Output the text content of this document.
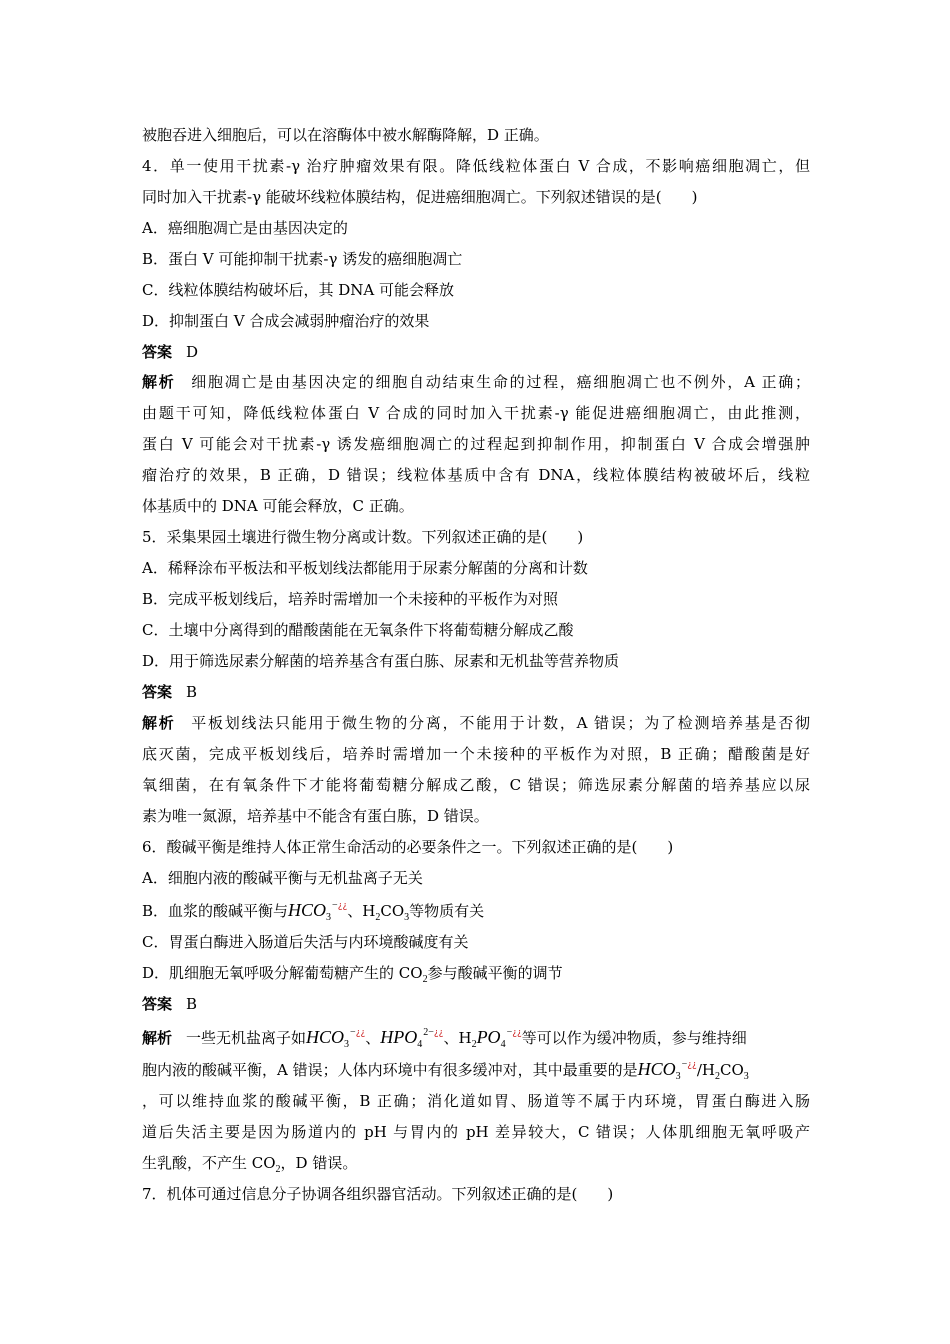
被胞吞进入细胞后，可以在溶酶体中被水解酶降解，D 正确。
4．单一使用干扰素-γ 治疗肿瘤效果有限。降低线粒体蛋白 V 合成，不影响癌细胞凋亡，但
同时加入干扰素-γ 能破坏线粒体膜结构，促进癌细胞凋亡。下列叙述错误的是(　　)
A．癌细胞凋亡是由基因决定的
B．蛋白 V 可能抑制干扰素-γ 诱发的癌细胞凋亡
C．线粒体膜结构破坏后，其 DNA 可能会释放
D．抑制蛋白 V 合成会减弱肿瘤治疗的效果
答案 D
解析 细胞凋亡是由基因决定的细胞自动结束生命的过程，癌细胞凋亡也不例外，A 正确；
由题干可知，降低线粒体蛋白 V 合成的同时加入干扰素-γ 能促进癌细胞凋亡，由此推测，
蛋白 V 可能会对干扰素-γ 诱发癌细胞凋亡的过程起到抑制作用，抑制蛋白 V 合成会增强肿
瘤治疗的效果，B 正确，D 错误；线粒体基质中含有 DNA，线粒体膜结构被破坏后，线粒
体基质中的 DNA 可能会释放，C 正确。
5．采集果园土壤进行微生物分离或计数。下列叙述正确的是(　　)
A．稀释涂布平板法和平板划线法都能用于尿素分解菌的分离和计数
B．完成平板划线后，培养时需增加一个未接种的平板作为对照
C．土壤中分离得到的醋酸菌能在无氧条件下将葡萄糖分解成乙酸
D．用于筛选尿素分解菌的培养基含有蛋白胨、尿素和无机盐等营养物质
答案 B
解析 平板划线法只能用于微生物的分离，不能用于计数，A 错误；为了检测培养基是否彻
底灭菌，完成平板划线后，培养时需增加一个未接种的平板作为对照，B 正确；醋酸菌是好
氧细菌，在有氧条件下才能将葡萄糖分解成乙酸，C 错误；筛选尿素分解菌的培养基应以尿
素为唯一氮源，培养基中不能含有蛋白胨，D 错误。
6．酸碱平衡是维持人体正常生命活动的必要条件之一。下列叙述正确的是(　　)
A．细胞内液的酸碱平衡与无机盐离子无关
B．血浆的酸碱平衡与$HCO_3^{-¿¿}$、$H_2CO_3$等物质有关
C．胃蛋白酶进入肠道后失活与内环境酸碱度有关
D．肌细胞无氧呼吸分解葡萄糖产生的 $CO_2$参与酸碱平衡的调节
答案 B
解析 一些无机盐离子如$HCO_3^{-¿¿}$、$HPO_4^{2-¿¿}$、$H_2PO_4^{-¿¿}$等可以作为缓冲物质，参与维持细
胞内液的酸碱平衡，A 错误；人体内环境中有很多缓冲对，其中最重要的是$HCO_3^{-¿¿}/H_2CO_3$
，可以维持血浆的酸碱平衡，B 正确；消化道如胃、肠道等不属于内环境，胃蛋白酶进入肠
道后失活主要是因为肠道内的 pH 与胃内的 pH 差异较大，C 错误；人体肌细胞无氧呼吸产
生乳酸，不产生 $CO_2$，D 错误。
7．机体可通过信息分子协调各组织器官活动。下列叙述正确的是(　　)
